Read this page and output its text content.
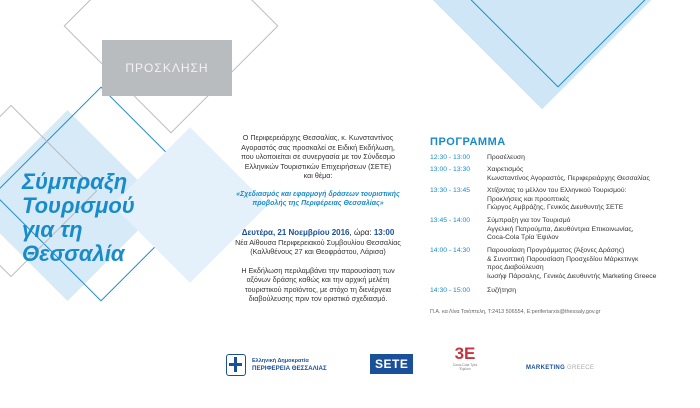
ΠΡΟΣΚΛΗΣΗ
Σύμπραξη
Τουρισμού
για τη
Θεσσαλία
Ο Περιφερειάρχης Θεσσαλίας, κ. Κωνσταντίνος
Αγοραστός σας προσκαλεί σε Ειδική Εκδήλωση,
που υλοποιείται σε συνεργασία με τον Σύνδεσμο
Ελληνικών Τουριστικών Επιχειρήσεων (ΣΕΤΕ)
και θέμα:
«Σχεδιασμός και εφαρμογή δράσεων τουριστικής
προβολής της Περιφέρειας Θεσσαλίας»
Δευτέρα, 21 Νοεμβρίου 2016, ώρα: 13:00
Νέα Αίθουσα Περιφερειακού Συμβουλίου Θεσσαλίας
(Καλλιθένους 27 και Θεοφράστου, Λάρισα)
Η Εκδήλωση περιλαμβάνει την παρουσίαση των
αξόνων δράσης καθώς και την αρχική μελέτη
τουριστικού προϊόντος, με στόχο τη διενέργεια
διαβούλευσης πριν τον οριστικό σχεδιασμό.
ΠΡΟΓΡΑΜΜΑ
12:30 - 13:00	Προσέλευση
13:00 - 13:30	Χαιρετισμός
Κωνσταντίνος Αγοραστός, Περιφερειάρχης Θεσσαλίας
13:30 - 13:45	Χτίζοντας το μέλλον του Ελληνικού Τουρισμού:
Προκλήσεις και προοπτικές
Γιώργος Αμβράζης, Γενικός Διευθυντής ΣΕΤΕ
13:45 - 14:00	Σύμπραξη για τον Τουρισμό
Αγγελική Πατρούμπα, Διευθύντρια Επικοινωνίας,
Coca-Cola Τρία Έψιλον
14:00 - 14:30	Παρουσίαση Προγράμματος (Άξονες Δράσης)
& Συνοπτική Παρουσίαση Προσχεδίου Μάρκετινγκ
προς Διαβούλευση
Ιωσήφ Πάρσαλης, Γενικός Διευθυντής Marketing Greece
14:30 - 15:00	Συζήτηση
Π.Α. κα Λίνα Τσιόπτελη, Τ:2413 506554, Ε:periferiarxis@thessaly.gov.gr
Ελληνική Δημοκρατία
ΠΕΡΙΦΕΡΕΙΑ ΘΕΣΣΑΛΙΑΣ	SETE
3E
Coca-Cola Τρία Έψιλον	MARKETING GREECE
